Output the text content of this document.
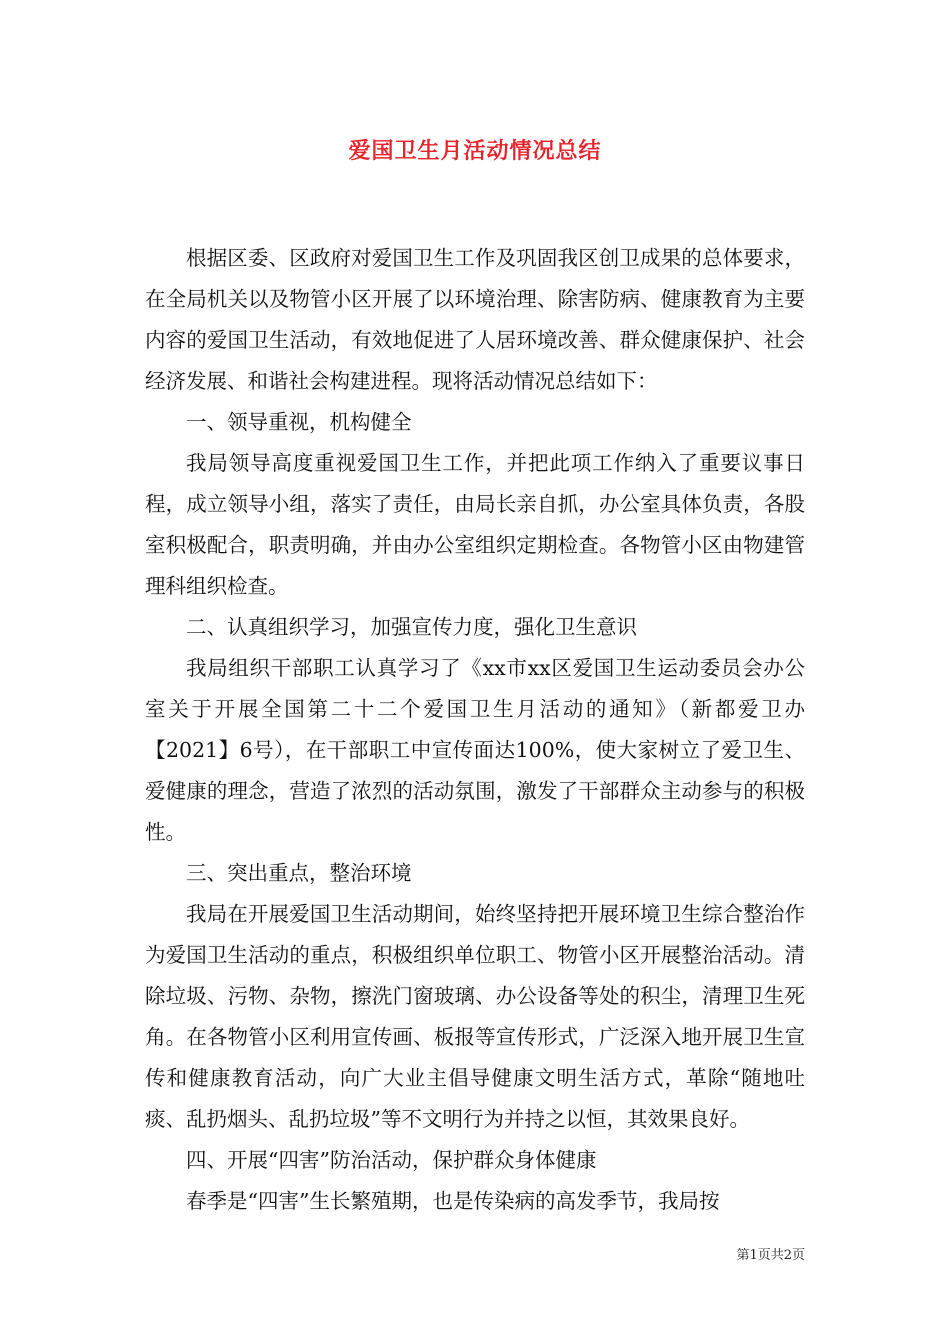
爱国卫生月活动情况总结

根据区委、区政府对爱国卫生工作及巩固我区创卫成果的总体要求，在全局机关以及物管小区开展了以环境治理、除害防病、健康教育为主要内容的爱国卫生活动，有效地促进了人居环境改善、群众健康保护、社会经济发展、和谐社会构建进程。现将活动情况总结如下：

一、领导重视，机构健全

我局领导高度重视爱国卫生工作，并把此项工作纳入了重要议事日程，成立领导小组，落实了责任，由局长亲自抓，办公室具体负责，各股室积极配合，职责明确，并由办公室组织定期检查。各物管小区由物建管理科组织检查。

二、认真组织学习，加强宣传力度，强化卫生意识

我局组织干部职工认真学习了《xx市xx区爱国卫生运动委员会办公室关于开展全国第二十二个爱国卫生月活动的通知》（新都爱卫办【2021】6号），在干部职工中宣传面达100%，使大家树立了爱卫生、爱健康的理念，营造了浓烈的活动氛围，激发了干部群众主动参与的积极性。

三、突出重点，整治环境

我局在开展爱国卫生活动期间，始终坚持把开展环境卫生综合整治作为爱国卫生活动的重点，积极组织单位职工、物管小区开展整治活动。清除垃圾、污物、杂物，擦洗门窗玻璃、办公设备等处的积尘，清理卫生死角。在各物管小区利用宣传画、板报等宣传形式，广泛深入地开展卫生宣传和健康教育活动，向广大业主倡导健康文明生活方式，革除“随地吐痰、乱扔烟头、乱扔垃圾”等不文明行为并持之以恒，其效果良好。

四、开展“四害”防治活动，保护群众身体健康

春季是“四害”生长繁殖期，也是传染病的高发季节，我局按

第1页共2页
